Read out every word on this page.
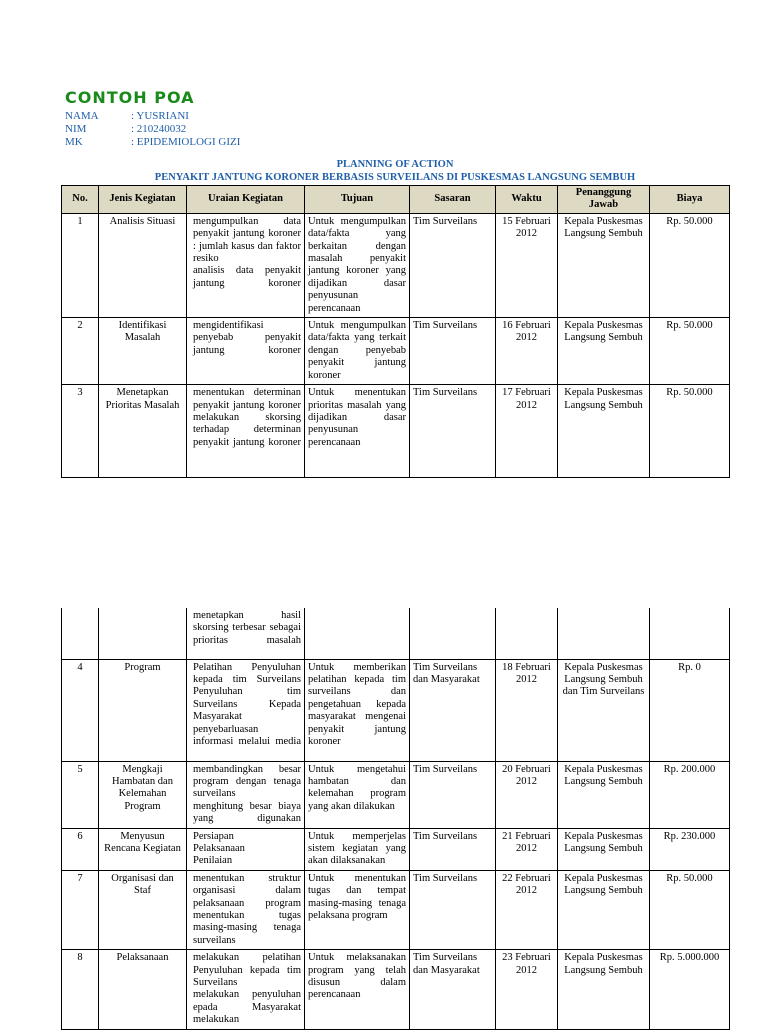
CONTOH POA
NAMA	: YUSRIANI
NIM	: 210240032
MK	: EPIDEMIOLOGI GIZI
PLANNING OF ACTION
PENYAKIT JANTUNG KORONER BERBASIS SURVEILANS DI PUSKESMAS LANGSUNG SEMBUH
No.	Jenis Kegiatan	Uraian Kegiatan	Tujuan	Sasaran	Waktu	Penanggung Jawab	Biaya
1	Analisis Situasi	mengumpulkan data penyakit jantung koroner : jumlah kasus dan faktor resiko
analisis data penyakit jantung koroner	Untuk mengumpulkan data/fakta yang berkaitan dengan masalah penyakit jantung koroner yang dijadikan dasar penyusunan perencanaan	Tim Surveilans	15 Februari 2012	Kepala Puskesmas Langsung Sembuh	Rp. 50.000
2	Identifikasi Masalah	mengidentifikasi penyebab penyakit jantung koroner	Untuk mengumpulkan data/fakta yang terkait dengan penyebab penyakit jantung koroner	Tim Surveilans	16 Februari 2012	Kepala Puskesmas Langsung Sembuh	Rp. 50.000
3	Menetapkan Prioritas Masalah	menentukan determinan penyakit jantung koroner
melakukan skorsing terhadap determinan penyakit jantung koroner	Untuk menentukan prioritas masalah yang dijadikan dasar penyusunan perencanaan	Tim Surveilans	17 Februari 2012	Kepala Puskesmas Langsung Sembuh	Rp. 50.000

		menetapkan hasil skorsing terbesar sebagai prioritas masalah					

4	Program	Pelatihan Penyuluhan kepada tim Surveilans
Penyuluhan tim Surveilans Kepada Masyarakat
penyebarluasan informasi melalui media	Untuk memberikan pelatihan kepada tim surveilans dan pengetahuan kepada masyarakat mengenai penyakit jantung koroner	Tim Surveilans dan Masyarakat	18 Februari 2012	Kepala Puskesmas Langsung Sembuh dan Tim Surveilans	Rp. 0
5	Mengkaji Hambatan dan Kelemahan Program	membandingkan besar program dengan tenaga surveilans
menghitung besar biaya yang digunakan	Untuk mengetahui hambatan dan kelemahan program yang akan dilakukan	Tim Surveilans	20 Februari 2012	Kepala Puskesmas Langsung Sembuh	Rp. 200.000
6	Menyusun Rencana Kegiatan	Persiapan
Pelaksanaan
Penilaian	Untuk memperjelas sistem kegiatan yang akan dilaksanakan	Tim Surveilans	21 Februari 2012	Kepala Puskesmas Langsung Sembuh	Rp. 230.000
7	Organisasi dan Staf	menentukan struktur organisasi dalam pelaksanaan program
menentukan tugas masing-masing tenaga surveilans	Untuk menentukan tugas dan tempat masing-masing tenaga pelaksana program	Tim Surveilans	22 Februari 2012	Kepala Puskesmas Langsung Sembuh	Rp. 50.000
8	Pelaksanaan	melakukan pelatihan Penyuluhan kepada tim Surveilans
melakukan penyuluhan epada Masyarakat
melakukan	Untuk melaksanakan program yang telah disusun dalam perencanaan	Tim Surveilans dan Masyarakat	23 Februari 2012	Kepala Puskesmas Langsung Sembuh	Rp. 5.000.000
